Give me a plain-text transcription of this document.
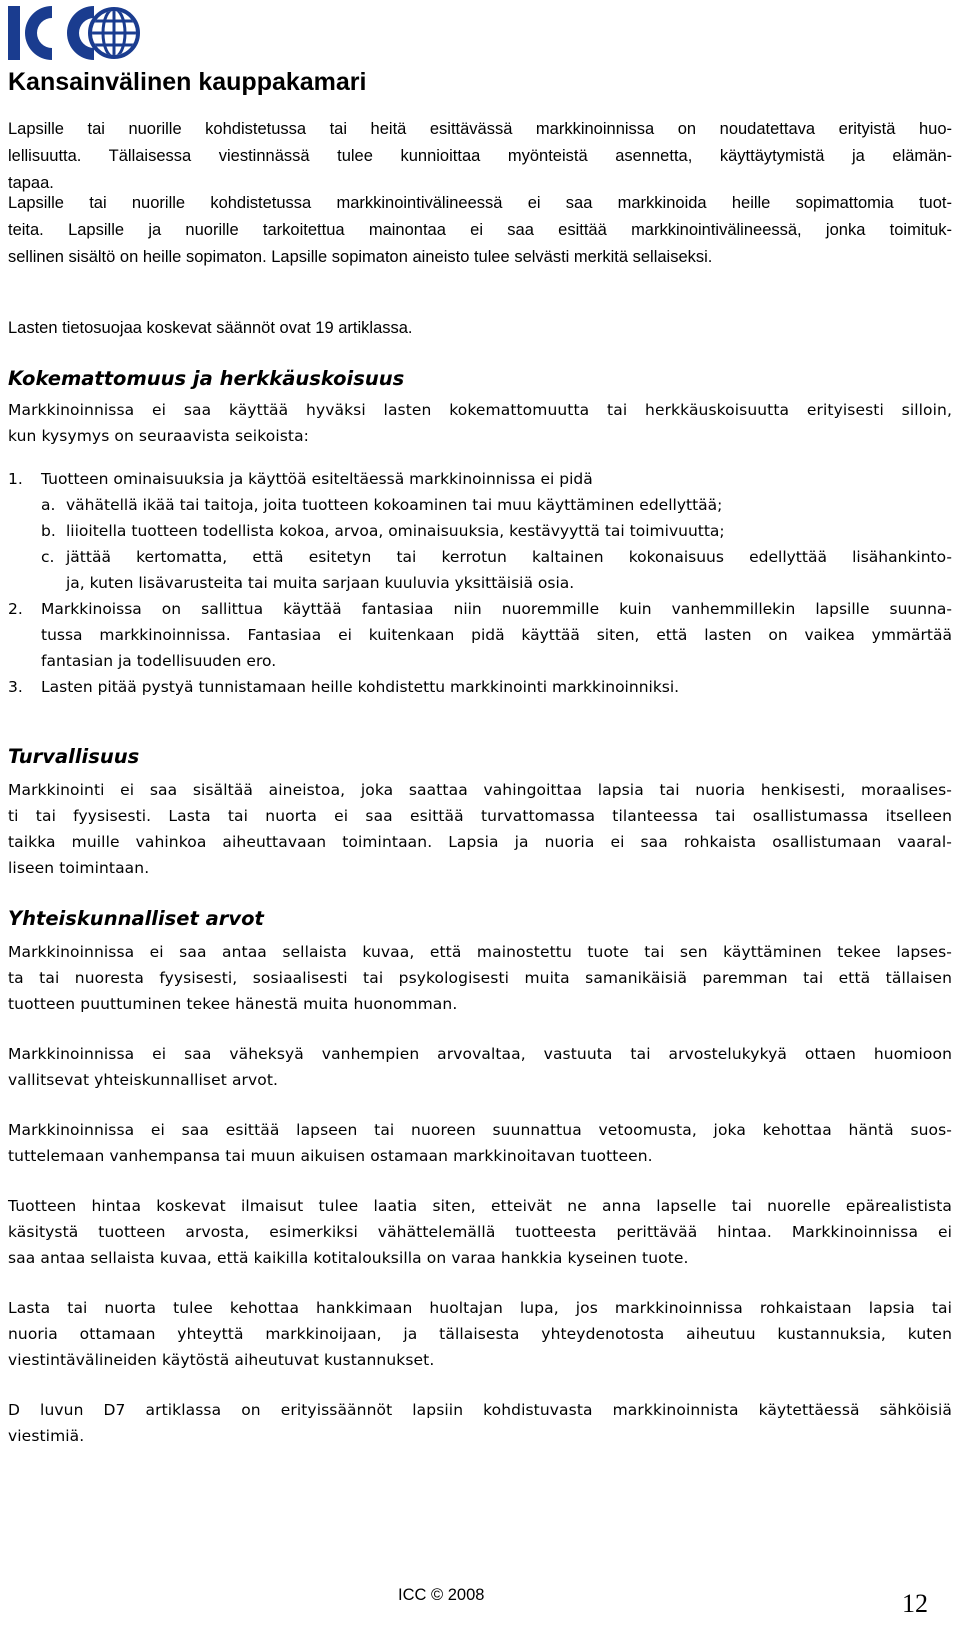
Kansainvälinen kauppakamari

Lapsille tai nuorille kohdistetussa tai heitä esittävässä markkinoinnissa on noudatettava erityistä huo-
lellisuutta. Tällaisessa viestinnässä tulee kunnioittaa myönteistä asennetta, käyttäytymistä ja elämän-
tapaa.

Lapsille tai nuorille kohdistetussa markkinointivälineessä ei saa markkinoida heille sopimattomia tuot-
teita. Lapsille ja nuorille tarkoitettua mainontaa ei saa esittää markkinointivälineessä, jonka toimituk-
sellinen sisältö on heille sopimaton. Lapsille sopimaton aineisto tulee selvästi merkitä sellaiseksi.

Lasten tietosuojaa koskevat säännöt ovat 19 artiklassa.

Kokemattomuus ja herkkäuskoisuus

Markkinoinnissa ei saa käyttää hyväksi lasten kokemattomuutta tai herkkäuskoisuutta erityisesti silloin,
kun kysymys on seuraavista seikoista:

1. Tuotteen ominaisuuksia ja käyttöä esiteltäessä markkinoinnissa ei pidä
a. vähätellä ikää tai taitoja, joita tuotteen kokoaminen tai muu käyttäminen edellyttää;
b. liioitella tuotteen todellista kokoa, arvoa, ominaisuuksia, kestävyyttä tai toimivuutta;
c. jättää kertomatta, että esitetyn tai kerrotun kaltainen kokonaisuus edellyttää lisähankinto-
ja, kuten lisävarusteita tai muita sarjaan kuuluvia yksittäisiä osia.
2. Markkinoissa on sallittua käyttää fantasiaa niin nuoremmille kuin vanhemmillekin lapsille suunna-
tussa markkinoinnissa. Fantasiaa ei kuitenkaan pidä käyttää siten, että lasten on vaikea ymmärtää
fantasian ja todellisuuden ero.
3. Lasten pitää pystyä tunnistamaan heille kohdistettu markkinointi markkinoinniksi.
Turvallisuus

Markkinointi ei saa sisältää aineistoa, joka saattaa vahingoittaa lapsia tai nuoria henkisesti, moraalises-
ti tai fyysisesti. Lasta tai nuorta ei saa esittää turvattomassa tilanteessa tai osallistumassa itselleen
taikka muille vahinkoa aiheuttavaan toimintaan. Lapsia ja nuoria ei saa rohkaista osallistumaan vaaral-
liseen toimintaan.

Yhteiskunnalliset arvot

Markkinoinnissa ei saa antaa sellaista kuvaa, että mainostettu tuote tai sen käyttäminen tekee lapses-
ta tai nuoresta fyysisesti, sosiaalisesti tai psykologisesti muita samanikäisiä paremman tai että tällaisen
tuotteen puuttuminen tekee hänestä muita huonomman.

Markkinoinnissa ei saa väheksyä vanhempien arvovaltaa, vastuuta tai arvostelukykyä ottaen huomioon
vallitsevat yhteiskunnalliset arvot.

Markkinoinnissa ei saa esittää lapseen tai nuoreen suunnattua vetoomusta, joka kehottaa häntä suos-
tuttelemaan vanhempansa tai muun aikuisen ostamaan markkinoitavan tuotteen.

Tuotteen hintaa koskevat ilmaisut tulee laatia siten, etteivät ne anna lapselle tai nuorelle epärealistista
käsitystä tuotteen arvosta, esimerkiksi vähättelemällä tuotteesta perittävää hintaa. Markkinoinnissa ei
saa antaa sellaista kuvaa, että kaikilla kotitalouksilla on varaa hankkia kyseinen tuote.

Lasta tai nuorta tulee kehottaa hankkimaan huoltajan lupa, jos markkinoinnissa rohkaistaan lapsia tai
nuoria ottamaan yhteyttä markkinoijaan, ja tällaisesta yhteydenotosta aiheutuu kustannuksia, kuten
viestintävälineiden käytöstä aiheutuvat kustannukset.

D luvun D7 artiklassa on erityissäännöt lapsiin kohdistuvasta markkinoinnista käytettäessä sähköisiä
viestimiä.

ICC © 2008	12
